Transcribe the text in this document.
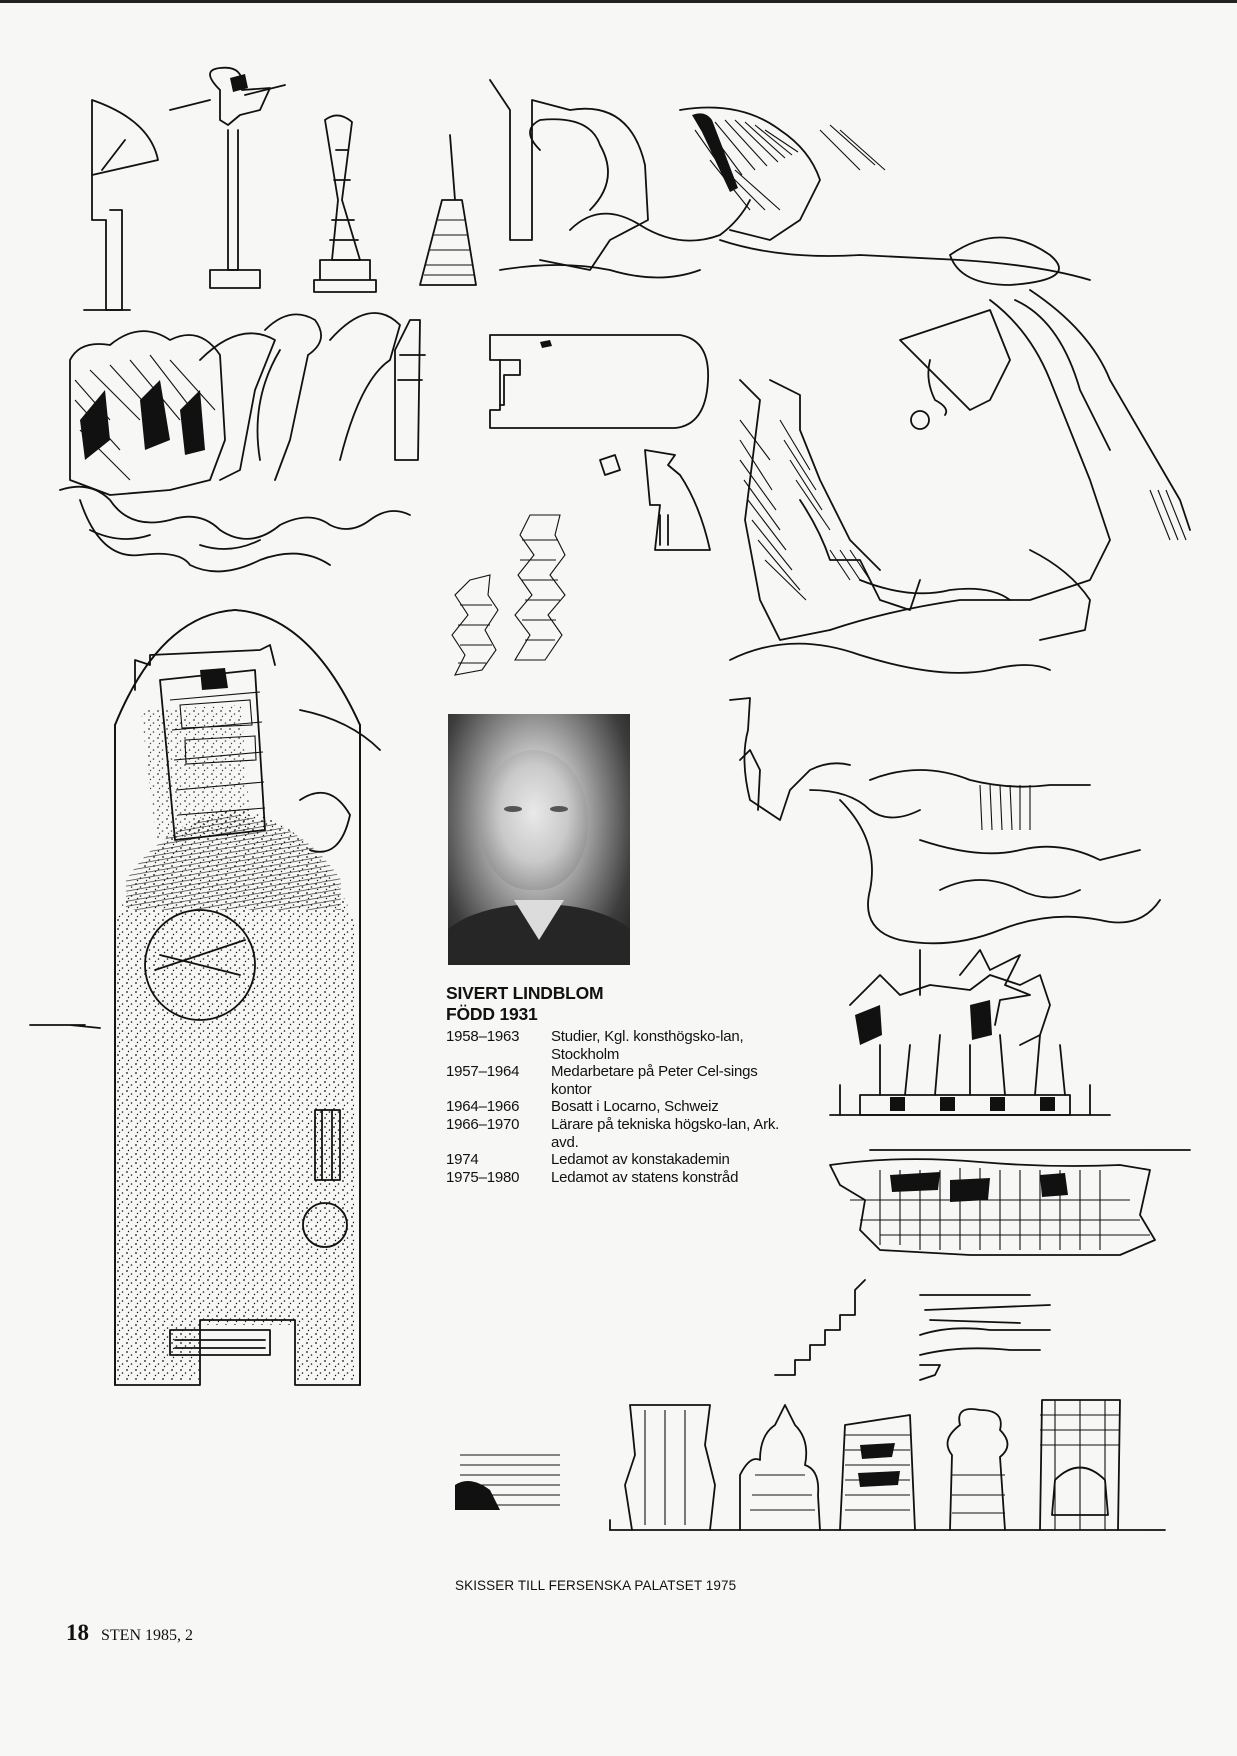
SIVERT LINDBLOM

FÖDD 1931

1958–1963	Studier, Kgl. konsthögsko-lan, Stockholm
1957–1964	Medarbetare på Peter Cel-sings kontor
1964–1966	Bosatt i Locarno, Schweiz
1966–1970	Lärare på tekniska högsko-lan, Ark. avd.
1974	Ledamot av konstakademin
1975–1980	Ledamot av statens konstråd
SKISSER TILL FERSENSKA PALATSET 1975
18 STEN 1985, 2
